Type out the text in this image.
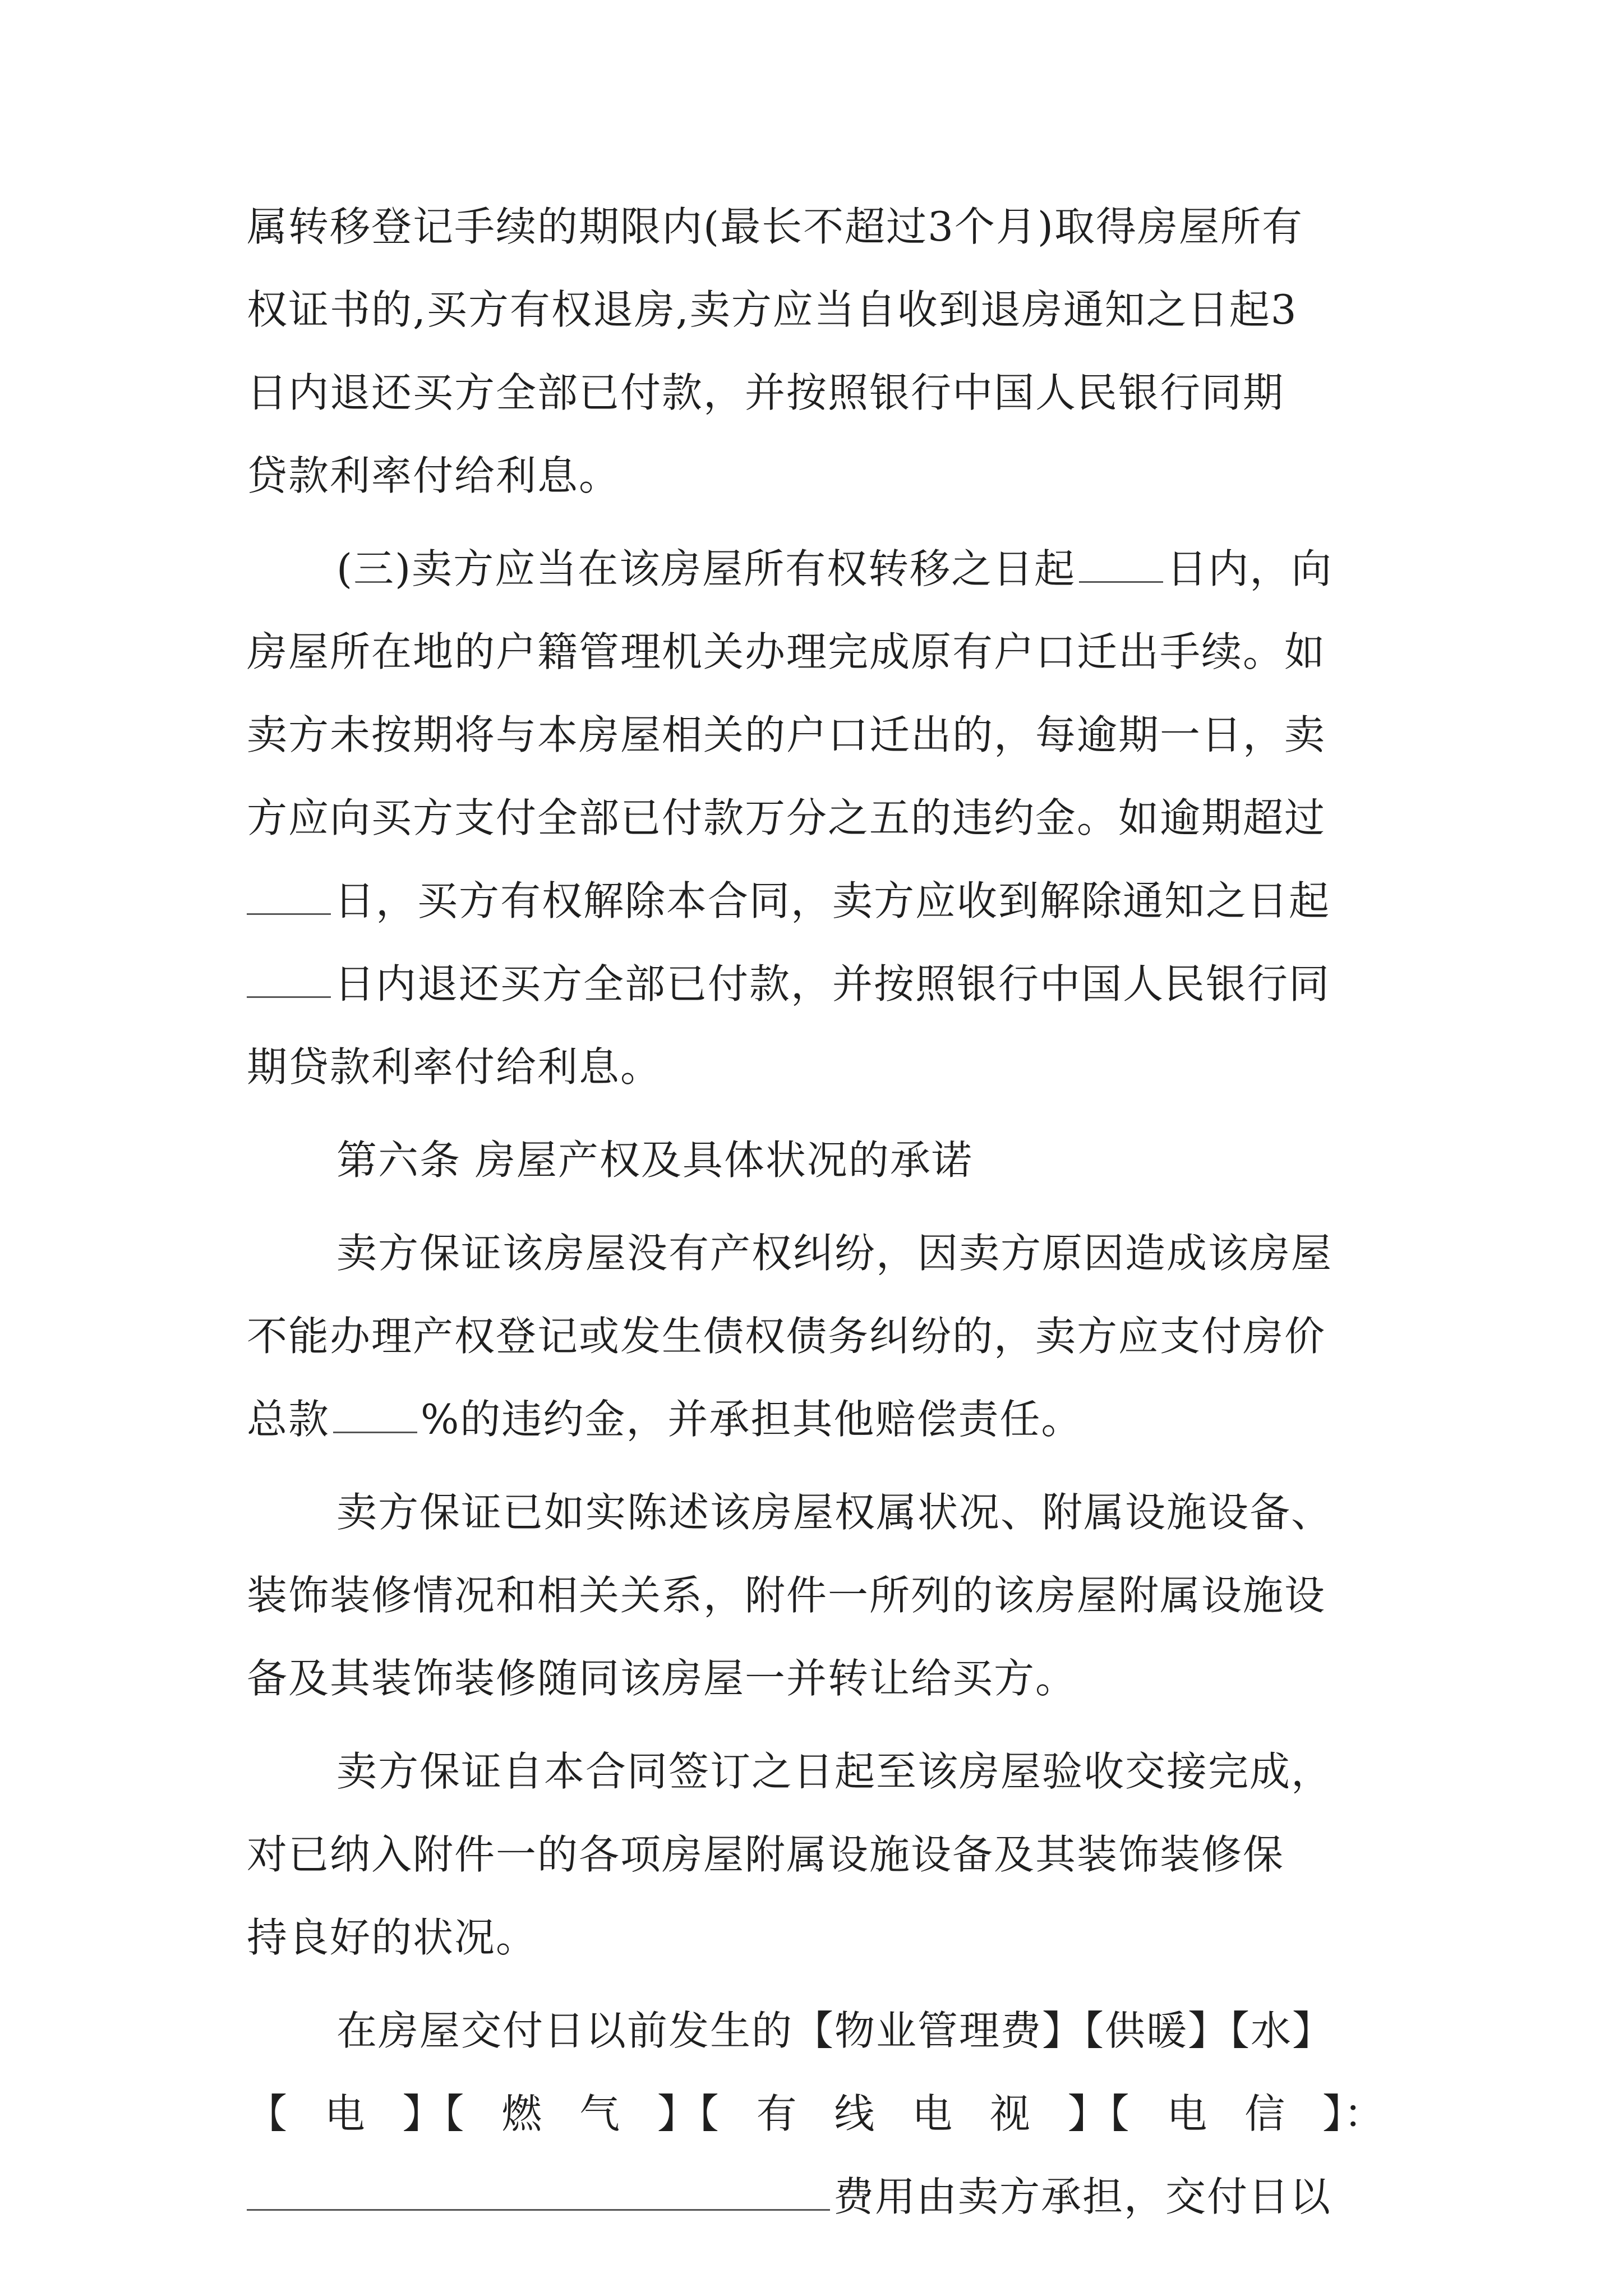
属转移登记手续的期限内(最长不超过3个月)取得房屋所有
权证书的,买方有权退房,卖方应当自收到退房通知之日起3
日内退还买方全部已付款，并按照银行中国人民银行同期
贷款利率付给利息。
(三)卖方应当在该房屋所有权转移之日起 日内，向
房屋所在地的户籍管理机关办理完成原有户口迁出手续。如
卖方未按期将与本房屋相关的户口迁出的，每逾期一日，卖
方应向买方支付全部已付款万分之五的违约金。如逾期超过
日，买方有权解除本合同，卖方应收到解除通知之日起
日内退还买方全部已付款，并按照银行中国人民银行同
期贷款利率付给利息。
第六条 房屋产权及具体状况的承诺
卖方保证该房屋没有产权纠纷，因卖方原因造成该房屋
不能办理产权登记或发生债权债务纠纷的，卖方应支付房价
总款 %的违约金，并承担其他赔偿责任。
卖方保证已如实陈述该房屋权属状况、附属设施设备、
装饰装修情况和相关关系，附件一所列的该房屋附属设施设
备及其装饰装修随同该房屋一并转让给买方。
卖方保证自本合同签订之日起至该房屋验收交接完成，
对已纳入附件一的各项房屋附属设施设备及其装饰装修保
持良好的状况。
在房屋交付日以前发生的【物业管理费】【供暖】【水】
【 电 】【 燃 气 】【 有 线 电 视 】【 电 信 】：
费用由卖方承担，交付日以
